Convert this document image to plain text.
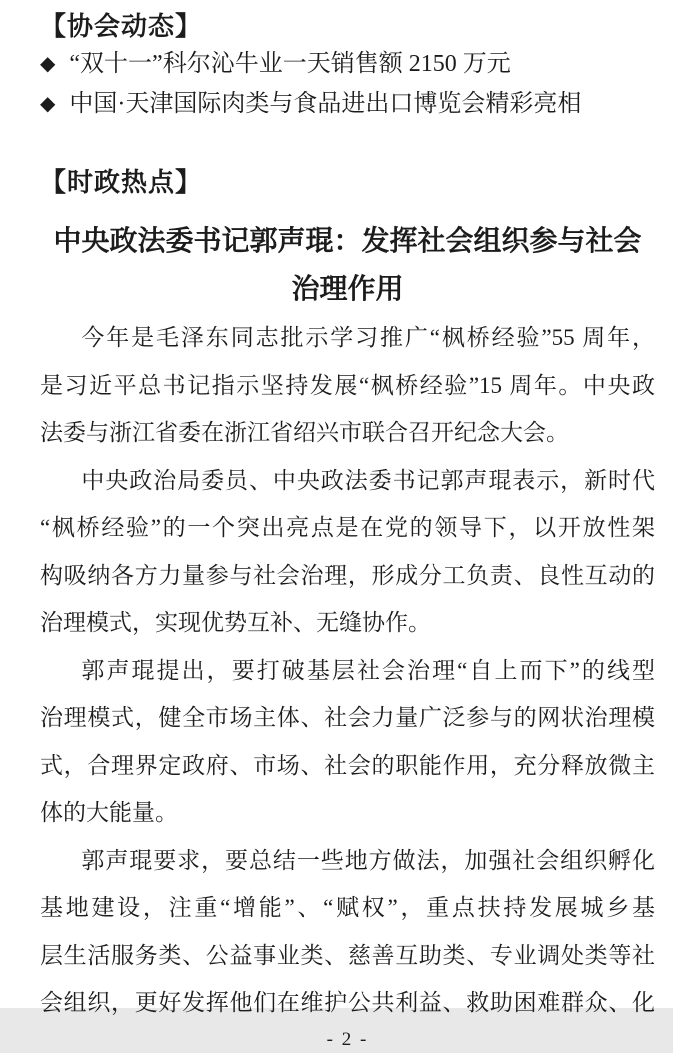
【协会动态】
◆ “双十一”科尔沁牛业一天销售额 2150 万元
◆ 中国·天津国际肉类与食品进出口博览会精彩亮相
【时政热点】
中央政法委书记郭声琨：发挥社会组织参与社会
治理作用
今年是毛泽东同志批示学习推广“枫桥经验”55 周年，
是习近平总书记指示坚持发展“枫桥经验”15 周年。中央政
法委与浙江省委在浙江省绍兴市联合召开纪念大会。
中央政治局委员、中央政法委书记郭声琨表示，新时代
“枫桥经验”的一个突出亮点是在党的领导下，以开放性架
构吸纳各方力量参与社会治理，形成分工负责、良性互动的
治理模式，实现优势互补、无缝协作。
郭声琨提出，要打破基层社会治理“自上而下”的线型
治理模式，健全市场主体、社会力量广泛参与的网状治理模
式，合理界定政府、市场、社会的职能作用，充分释放微主
体的大能量。
郭声琨要求，要总结一些地方做法，加强社会组织孵化
基地建设，注重“增能”、“赋权”，重点扶持发展城乡基
层生活服务类、公益事业类、慈善互助类、专业调处类等社
会组织，更好发挥他们在维护公共利益、救助困难群众、化
- 2 -
